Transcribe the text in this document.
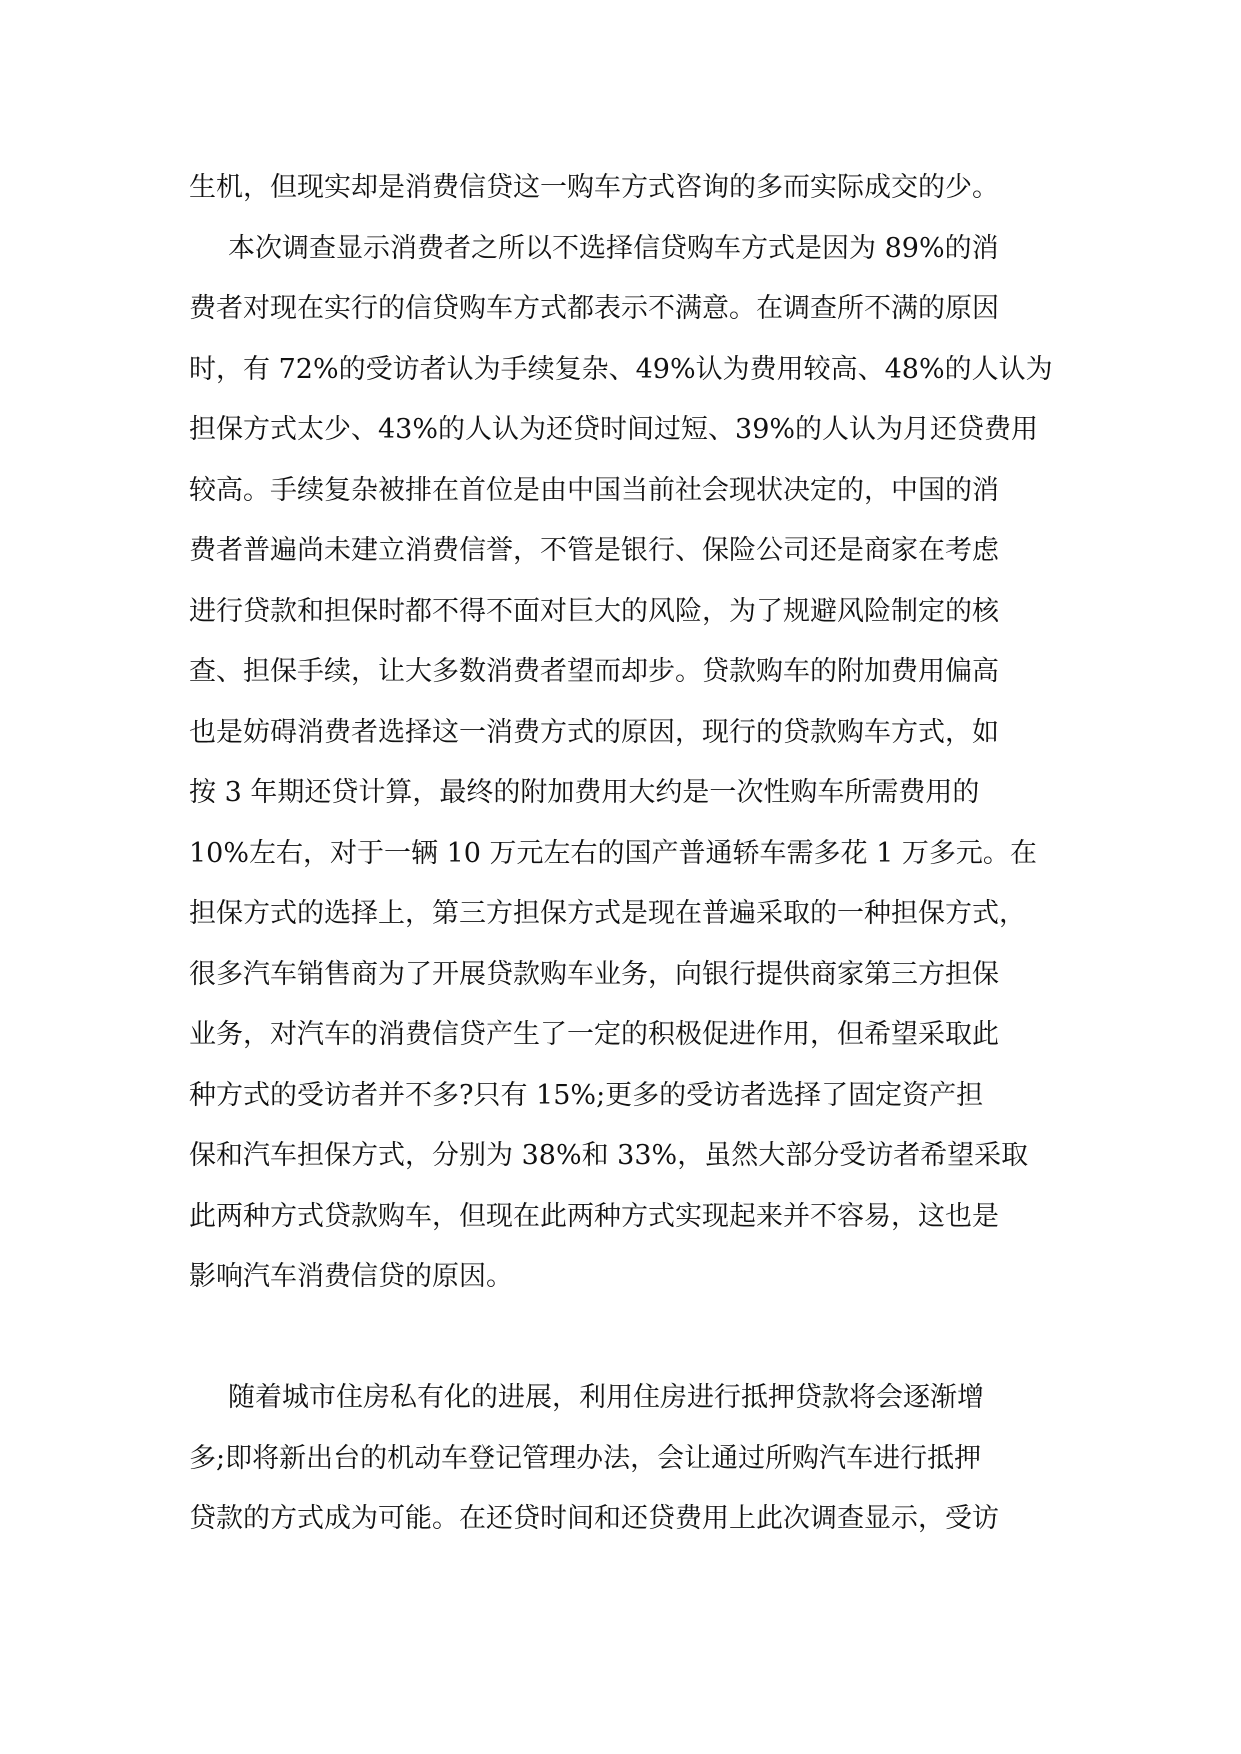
生机，但现实却是消费信贷这一购车方式咨询的多而实际成交的少。
本次调查显示消费者之所以不选择信贷购车方式是因为 89%的消
费者对现在实行的信贷购车方式都表示不满意。在调查所不满的原因
时，有 72%的受访者认为手续复杂、49%认为费用较高、48%的人认为
担保方式太少、43%的人认为还贷时间过短、39%的人认为月还贷费用
较高。手续复杂被排在首位是由中国当前社会现状决定的，中国的消
费者普遍尚未建立消费信誉，不管是银行、保险公司还是商家在考虑
进行贷款和担保时都不得不面对巨大的风险，为了规避风险制定的核
查、担保手续，让大多数消费者望而却步。贷款购车的附加费用偏高
也是妨碍消费者选择这一消费方式的原因，现行的贷款购车方式，如
按 3 年期还贷计算，最终的附加费用大约是一次性购车所需费用的
10%左右，对于一辆 10 万元左右的国产普通轿车需多花 1 万多元。在
担保方式的选择上，第三方担保方式是现在普遍采取的一种担保方式，
很多汽车销售商为了开展贷款购车业务，向银行提供商家第三方担保
业务，对汽车的消费信贷产生了一定的积极促进作用，但希望采取此
种方式的受访者并不多?只有 15%;更多的受访者选择了固定资产担
保和汽车担保方式，分别为 38%和 33%，虽然大部分受访者希望采取
此两种方式贷款购车，但现在此两种方式实现起来并不容易，这也是
影响汽车消费信贷的原因。
随着城市住房私有化的进展，利用住房进行抵押贷款将会逐渐增
多;即将新出台的机动车登记管理办法，会让通过所购汽车进行抵押
贷款的方式成为可能。在还贷时间和还贷费用上此次调查显示，受访
